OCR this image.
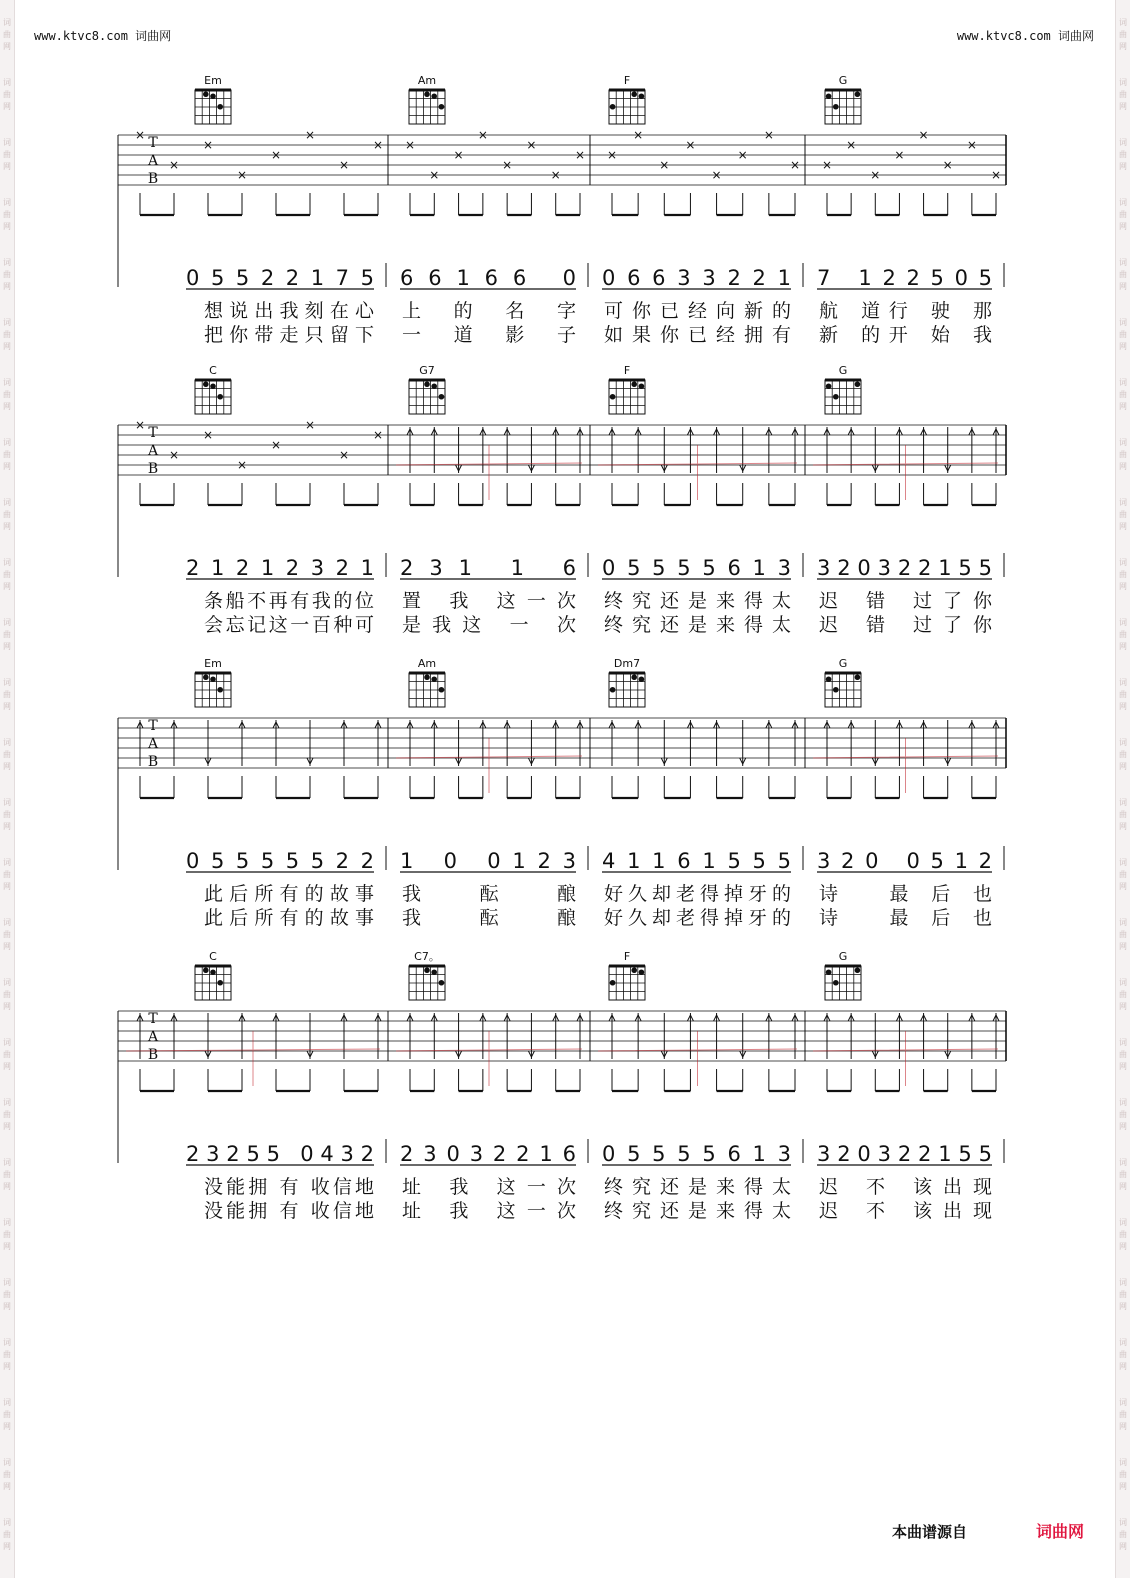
词
曲
网
词
曲
网
词
曲
网
词
曲
网
词
曲
网
词
曲
网
词
曲
网
词
曲
网
词
曲
网
词
曲
网
词
曲
网
词
曲
网
词
曲
网
词
曲
网
词
曲
网
词
曲
网
词
曲
网
词
曲
网
词
曲
网
词
曲
网
词
曲
网
词
曲
网
词
曲
网
词
曲
网
词
曲
网
词
曲
网
词
曲
网
词
曲
网
词
曲
网
词
曲
网
词
曲
网
词
曲
网
词
曲
网
词
曲
网
词
曲
网
词
曲
网
词
曲
网
词
曲
网
词
曲
网
词
曲
网
词
曲
网
词
曲
网
词
曲
网
词
曲
网
词
曲
网
词
曲
网
词
曲
网
词
曲
网
词
曲
网
词
曲
网
词
曲
网
词
曲
网
www.ktvc8.com 词曲网	www.ktvc8.com 词曲网
Em	Am	F	G
T
A
B
×
×
×
×
×
×
×
× ×
×
×
×
×
×
×
× ×
×
×
×
×
×
×
× ×
×
×
×
×
×
×
×
05522175 66166 0 06633221 7 122505
想说出我刻在心 上的名字 可你已经向新的 航 道行 驶 那
把你带走只留下 一道影子 如果你已经拥有 新 的开 始 我
C	G7	F	G
T
A
B
×
×
×
×
×
×
×
×
21212321 231 1 6 05555613 320322155
条船不再有我的位 置 我 这一次 终究还是来得太 迟 错 过了你
会忘记这一百种可 是我这 一 次 终究还是来得太 迟 错 过了你
Em	Am	Dm7	G
T
A
B
05555522 1 0 0123 41161555 320 0512
此后所有的故事 我酝酿 好久却老得掉牙的 诗 最后也
此后所有的故事 我酝酿 好久却老得掉牙的 诗 最后也
C	C7。	F	G
T
A
B
23255 0432 23032216 05555613 320322155
没能拥 有 收信地 址 我 这一次 终究还是来得太 迟 不 该出现
没能拥 有 收信地 址 我 这一次 终究还是来得太 迟 不 该出现
本曲谱源自	词曲网
